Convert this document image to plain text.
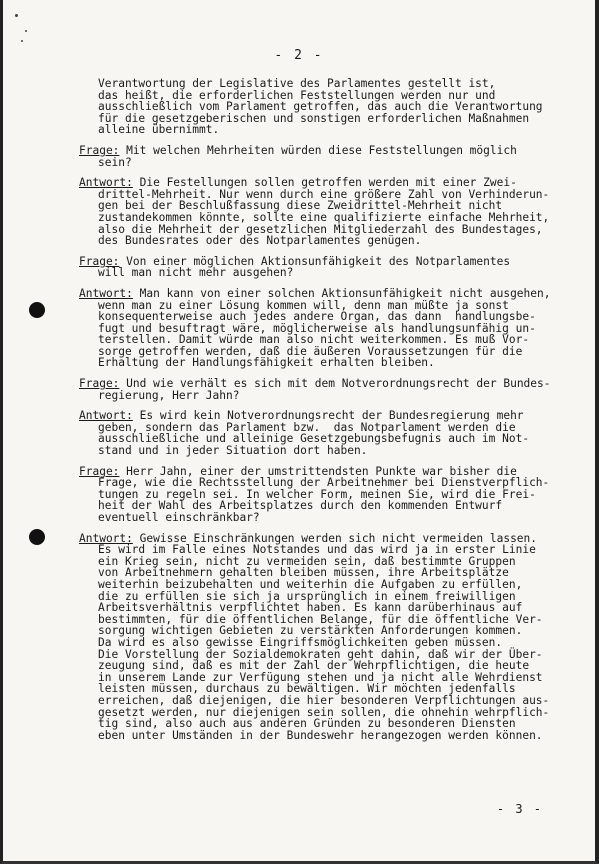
- 2 -
Verantwortung der Legislative des Parlamentes gestellt ist,
das heißt, die erforderlichen Feststellungen werden nur und
ausschließlich vom Parlament getroffen, das auch die Verantwortung
für die gesetzgeberischen und sonstigen erforderlichen Maßnahmen
alleine übernimmt.
Frage: Mit welchen Mehrheiten würden diese Feststellungen möglich
sein?
Antwort: Die Festellungen sollen getroffen werden mit einer Zwei-
drittel-Mehrheit. Nur wenn durch eine größere Zahl von Verhinderun-
gen bei der Beschlußfassung diese Zweidrittel-Mehrheit nicht
zustandekommen könnte, sollte eine qualifizierte einfache Mehrheit,
also die Mehrheit der gesetzlichen Mitgliederzahl des Bundestages,
des Bundesrates oder des Notparlamentes genügen.
Frage: Von einer möglichen Aktionsunfähigkeit des Notparlamentes
will man nicht mehr ausgehen?
Antwort: Man kann von einer solchen Aktionsunfähigkeit nicht ausgehen,
wenn man zu einer Lösung kommen will, denn man müßte ja sonst
konsequenterweise auch jedes andere Organ, das dann  handlungsbe-
fugt und besuftragt wäre, möglicherweise als handlungsunfähig un-
terstellen. Damit würde man also nicht weiterkommen. Es muß Vor-
sorge getroffen werden, daß die äußeren Voraussetzungen für die
Erhaltung der Handlungsfähigkeit erhalten bleiben.
Frage: Und wie verhält es sich mit dem Notverordnungsrecht der Bundes-
regierung, Herr Jahn?
Antwort: Es wird kein Notverordnungsrecht der Bundesregierung mehr
geben, sondern das Parlament bzw.  das Notparlament werden die
ausschließliche und alleinige Gesetzgebungsbefugnis auch im Not-
stand und in jeder Situation dort haben.
Frage: Herr Jahn, einer der umstrittendsten Punkte war bisher die
Frage, wie die Rechtsstellung der Arbeitnehmer bei Dienstverpflich-
tungen zu regeln sei. In welcher Form, meinen Sie, wird die Frei-
heit der Wahl des Arbeitsplatzes durch den kommenden Entwurf
eventuell einschränkbar?
Antwort: Gewisse Einschränkungen werden sich nicht vermeiden lassen.
Es wird im Falle eines Notstandes und das wird ja in erster Linie
ein Krieg sein, nicht zu vermeiden sein, daß bestimmte Gruppen
von Arbeitnehmern gehalten bleiben müssen, ihre Arbeitsplätze
weiterhin beizubehalten und weiterhin die Aufgaben zu erfüllen,
die zu erfüllen sie sich ja ursprünglich in einem freiwilligen
Arbeitsverhältnis verpflichtet haben. Es kann darüberhinaus auf
bestimmten, für die öffentlichen Belange, für die öffentliche Ver-
sorgung wichtigen Gebieten zu verstärkten Anforderungen kommen.
Da wird es also gewisse Eingriffsmöglichkeiten geben müssen.
Die Vorstellung der Sozialdemokraten geht dahin, daß wir der Über-
zeugung sind, daß es mit der Zahl der Wehrpflichtigen, die heute
in unserem Lande zur Verfügung stehen und ja nicht alle Wehrdienst
leisten müssen, durchaus zu bewältigen. Wir möchten jedenfalls
erreichen, daß diejenigen, die hier besonderen Verpflichtungen aus-
gesetzt werden, nur diejenigen sein sollen, die ohnehin wehrpflich-
tig sind, also auch aus anderen Gründen zu besonderen Diensten
eben unter Umständen in der Bundeswehr herangezogen werden können.
- 3 -
